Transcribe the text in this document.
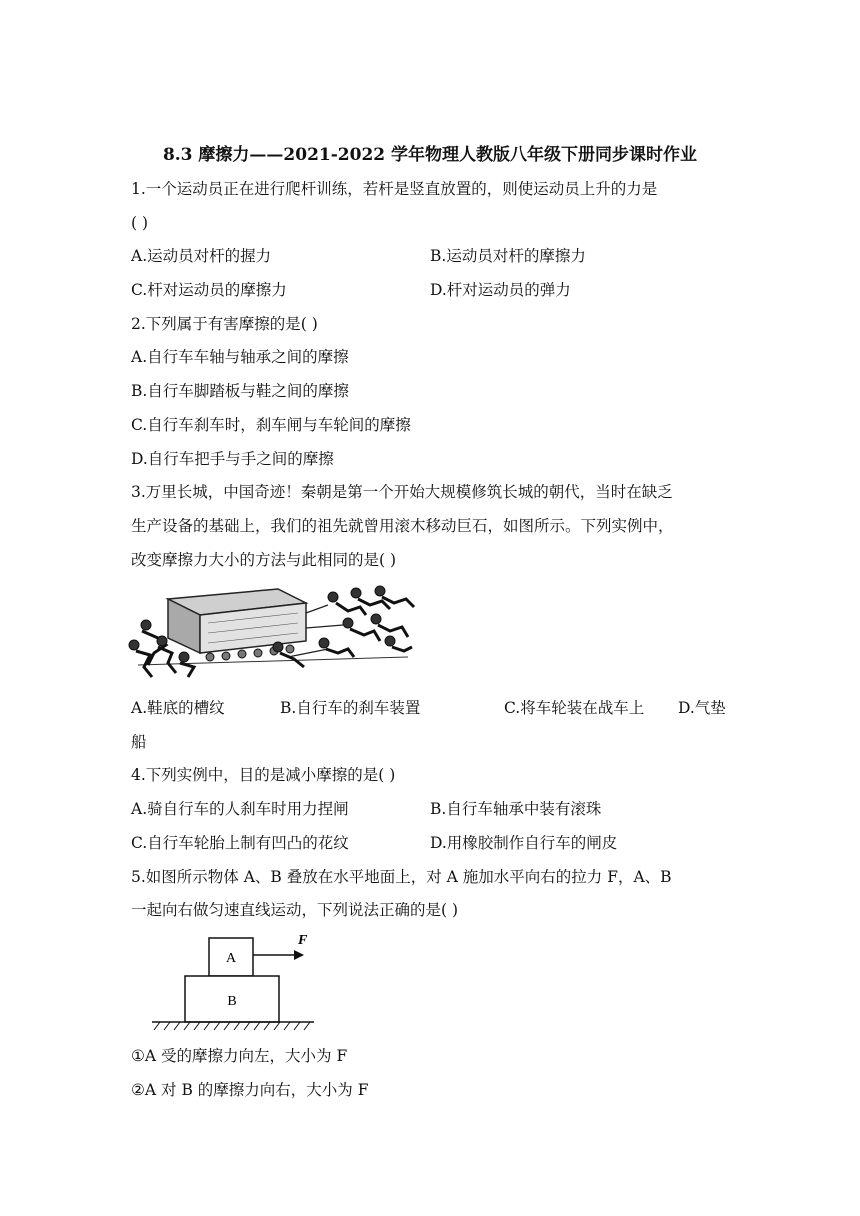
8.3 摩擦力——2021-2022 学年物理人教版八年级下册同步课时作业
1.一个运动员正在进行爬杆训练，若杆是竖直放置的，则使运动员上升的力是
( )
A.运动员对杆的握力	B.运动员对杆的摩擦力
C.杆对运动员的摩擦力	D.杆对运动员的弹力
2.下列属于有害摩擦的是( )
A.自行车车轴与轴承之间的摩擦
B.自行车脚踏板与鞋之间的摩擦
C.自行车刹车时，刹车闸与车轮间的摩擦
D.自行车把手与手之间的摩擦
3.万里长城，中国奇迹！秦朝是第一个开始大规模修筑长城的朝代，当时在缺乏
生产设备的基础上，我们的祖先就曾用滚木移动巨石，如图所示。下列实例中，
改变摩擦力大小的方法与此相同的是( )
A.鞋底的槽纹	B.自行车的刹车装置	C.将车轮装在战车上 D.气垫
船
4.下列实例中，目的是减小摩擦的是( )
A.骑自行车的人刹车时用力捏闸	B.自行车轴承中装有滚珠
C.自行车轮胎上制有凹凸的花纹	D.用橡胶制作自行车的闸皮
5.如图所示物体 A、B 叠放在水平地面上，对 A 施加水平向右的拉力 F，A、B
一起向右做匀速直线运动，下列说法正确的是( )
A
B
F
①A 受的摩擦力向左，大小为 F
②A 对 B 的摩擦力向右，大小为 F
